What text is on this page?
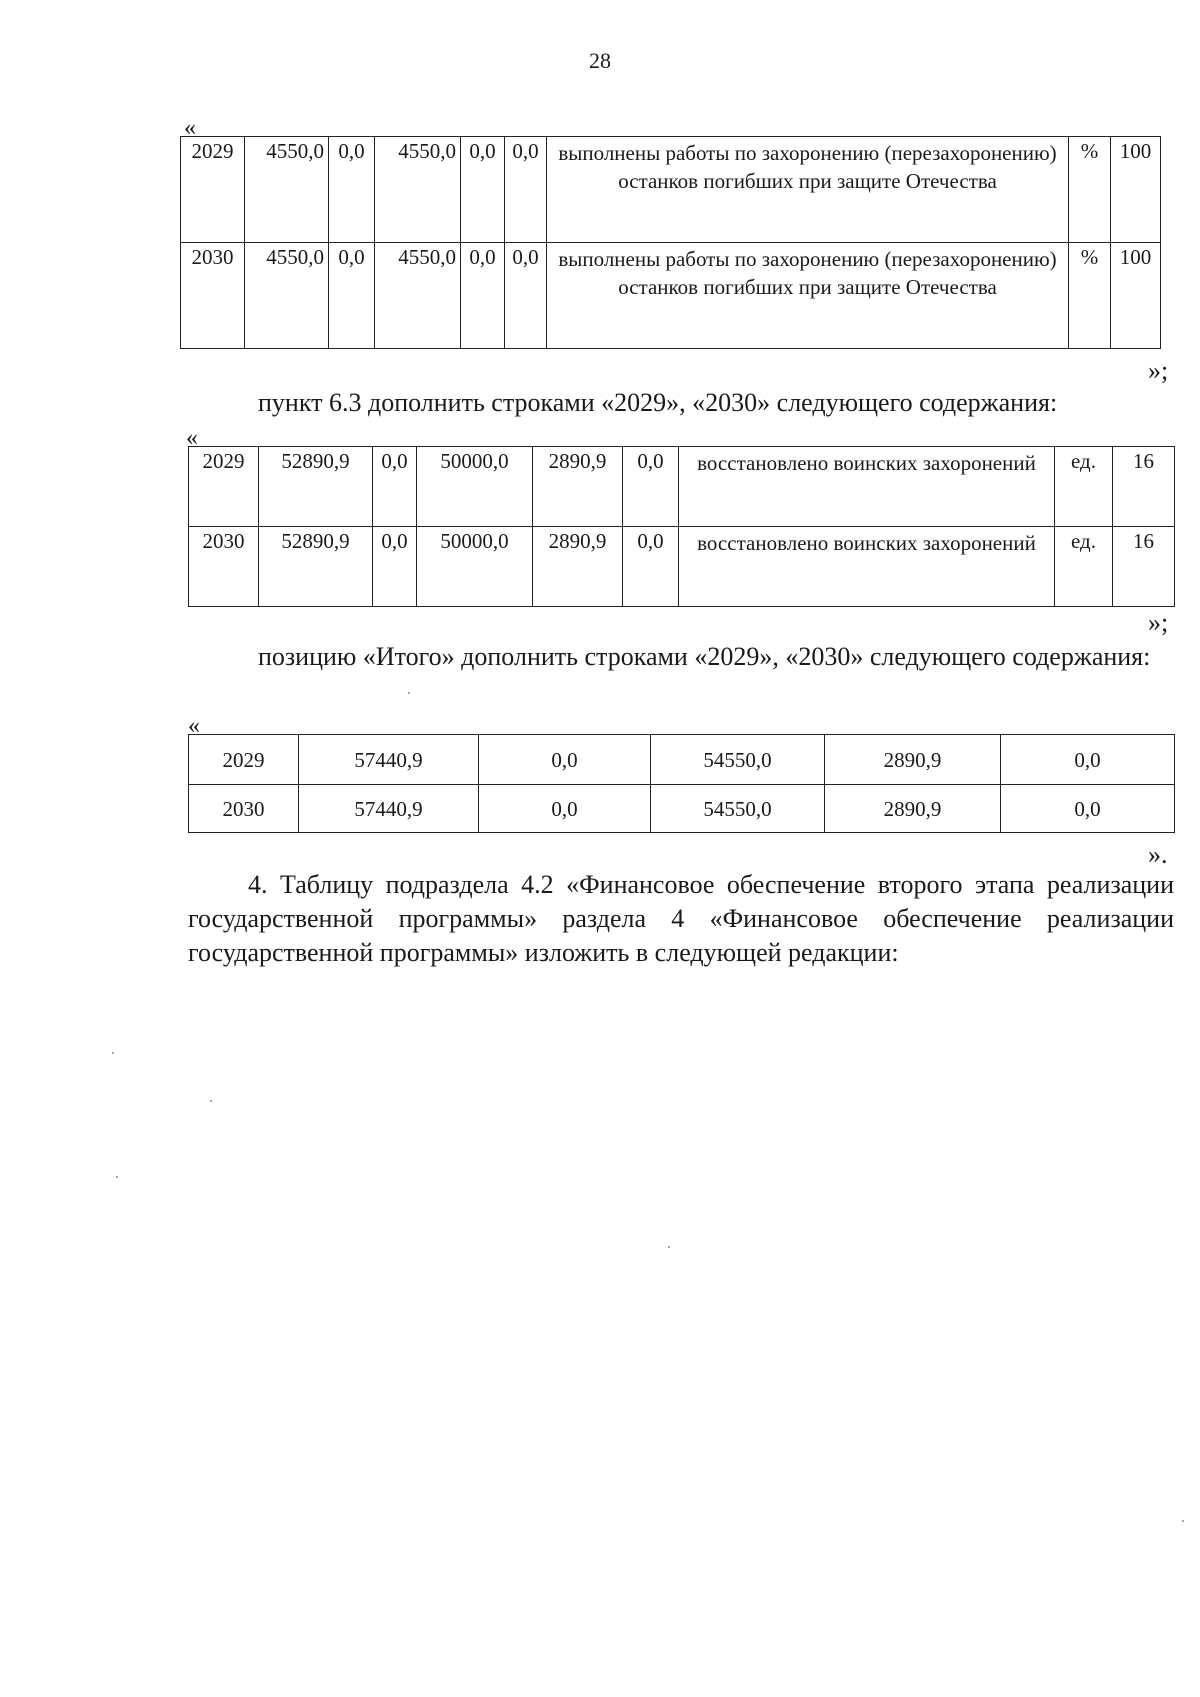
28
«
2029	4550,0	0,0	4550,0	0,0	0,0	выполнены работы по захоронению (перезахоронению) останков погибших при защите Отечества	%	100
2030	4550,0	0,0	4550,0	0,0	0,0	выполнены работы по захоронению (перезахоронению) останков погибших при защите Отечества	%	100
»;
пункт 6.3 дополнить строками «2029», «2030» следующего содержания:
«
2029	52890,9	0,0	50000,0	2890,9	0,0	восстановлено воинских захоронений	ед.	16
2030	52890,9	0,0	50000,0	2890,9	0,0	восстановлено воинских захоронений	ед.	16
»;
позицию «Итого» дополнить строками «2029», «2030» следующего содержания:
«
2029	57440,9	0,0	54550,0	2890,9	0,0
2030	57440,9	0,0	54550,0	2890,9	0,0
».
4. Таблицу подраздела 4.2 «Финансовое обеспечение второго этапа реализации государственной программы» раздела 4 «Финансовое обеспечение реализации государственной программы» изложить в следующей редакции:
